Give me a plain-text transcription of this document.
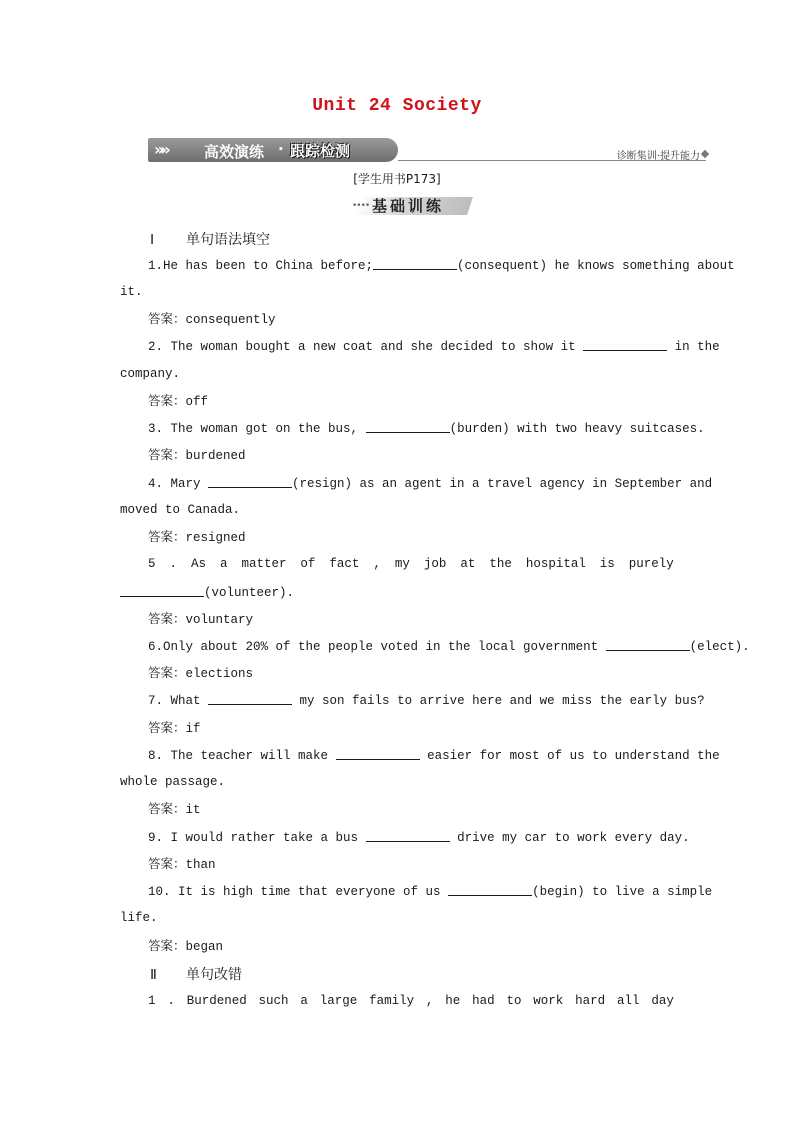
Unit 24 Society
»» 高效演练 · 跟踪检测	诊断集训·提升能力
[学生用书P173]
•••• 基础训练
Ⅰ 单句语法填空
1.He has been to China before;	(consequent) he knows something about
it.
答案：consequently
2. The woman bought a new coat and she decided to show it	in the
company.
答案：off
3. The woman got on the bus,	(burden) with two heavy suitcases.
答案：burdened
4. Mary	(resign) as an agent in a travel agency in September and
moved to Canada.
答案：resigned
5 . As a matter of fact , my job at the hospital is purely
(volunteer).
答案：voluntary
6.Only about 20% of the people voted in the local government	(elect).
答案：elections
7. What	my son fails to arrive here and we miss the early bus?
答案：if
8. The teacher will make	easier for most of us to understand the
whole passage.
答案：it
9. I would rather take a bus	drive my car to work every day.
答案：than
10. It is high time that everyone of us	(begin) to live a simple
life.
答案：began
Ⅱ 单句改错
1 . Burdened such a large family , he had to work hard all day
